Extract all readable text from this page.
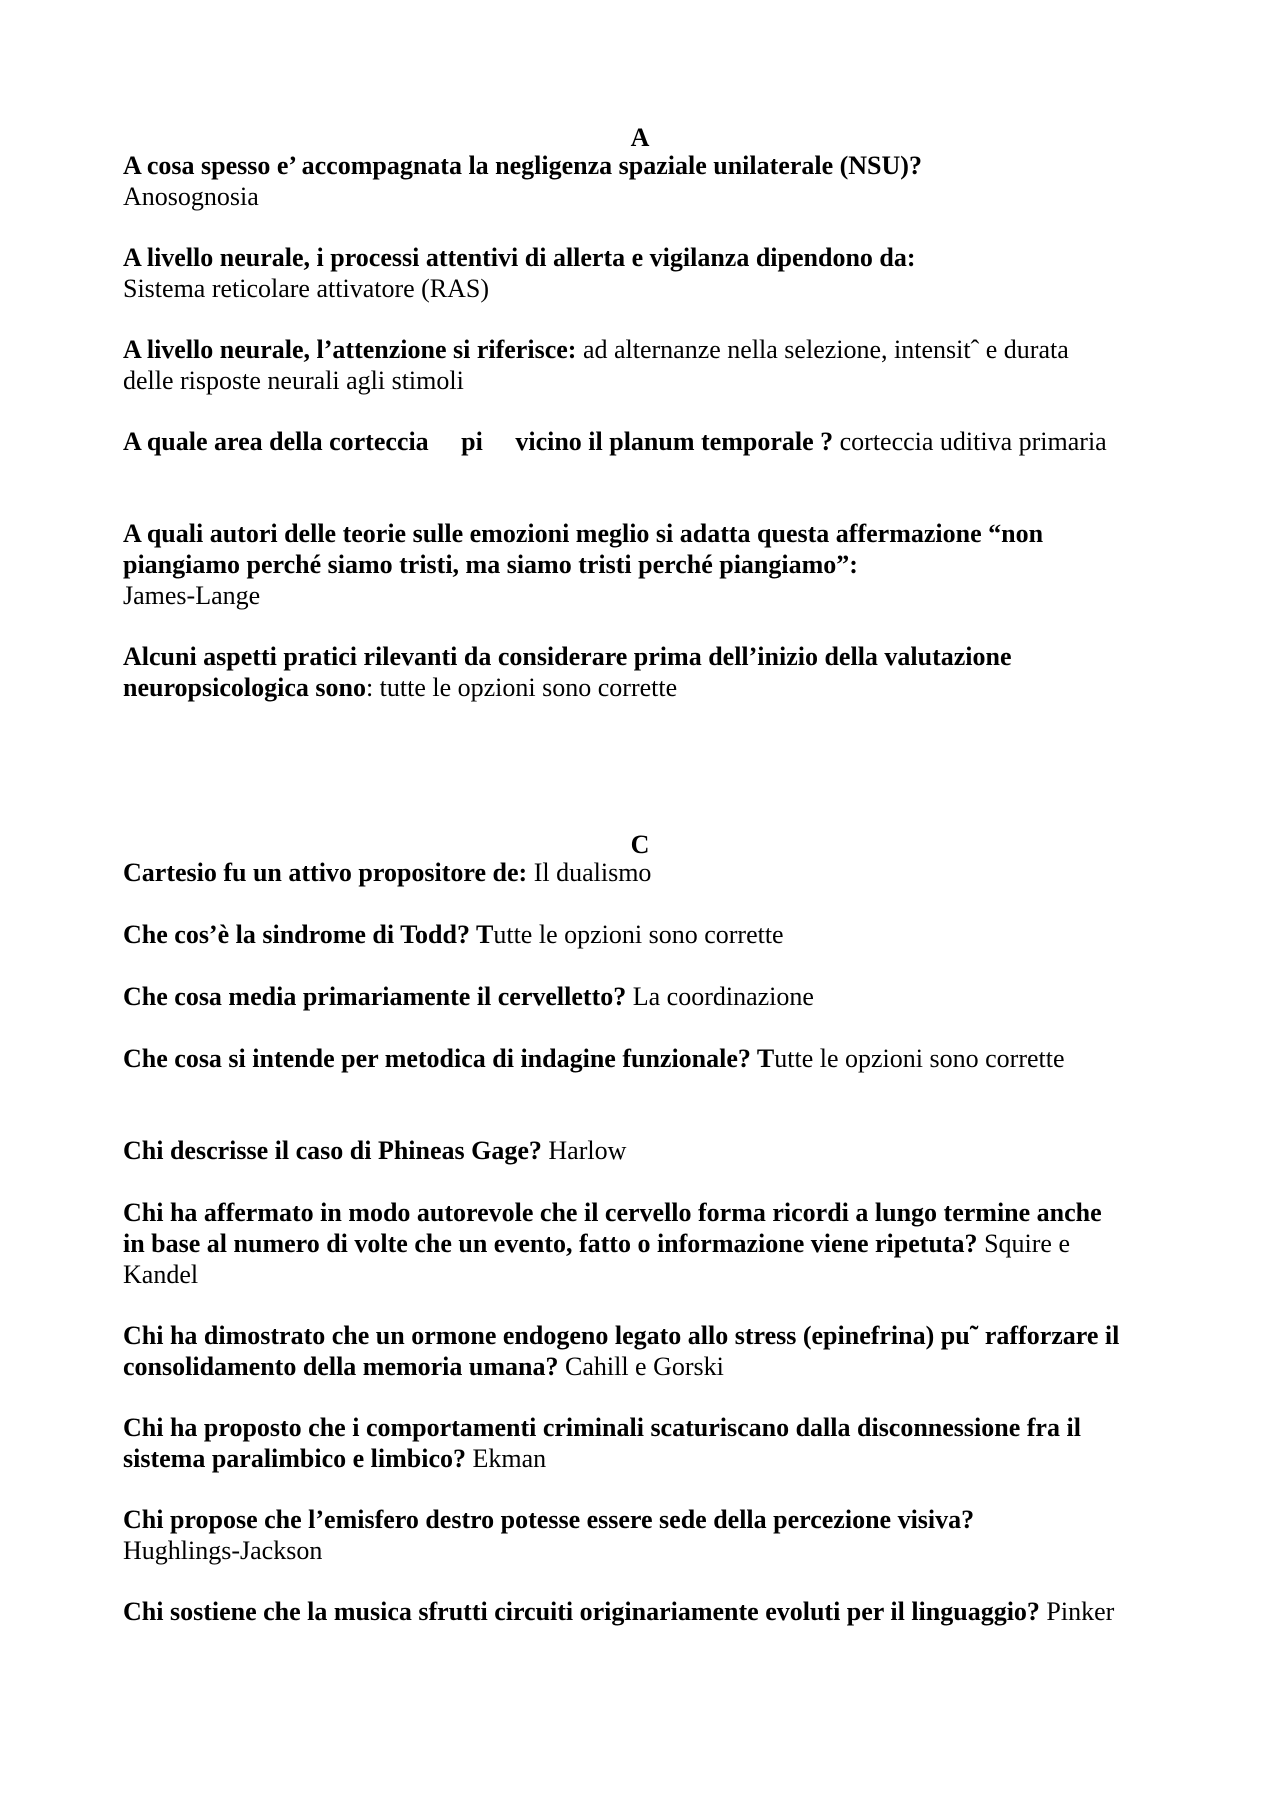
A
A cosa spesso e’ accompagnata la negligenza spaziale unilaterale (NSU)?
Anosognosia
A livello neurale, i processi attentivi di allerta e vigilanza dipendono da:
Sistema reticolare attivatore (RAS)
A livello neurale, l’attenzione si riferisce: ad alternanze nella selezione, intensitˆ e durata delle risposte neurali agli stimoli
A quale area della corteccia     pi     vicino il planum temporale ? corteccia uditiva primaria
A quali autori delle teorie sulle emozioni meglio si adatta questa affermazione “non piangiamo perché siamo tristi, ma siamo tristi perché piangiamo”:
James-Lange
Alcuni aspetti pratici rilevanti da considerare prima dell’inizio della valutazione neuropsicologica sono: tutte le opzioni sono corrette
C
Cartesio fu un attivo propositore de: Il dualismo
Che cos’è la sindrome di Todd? Tutte le opzioni sono corrette
Che cosa media primariamente il cervelletto? La coordinazione
Che cosa si intende per metodica di indagine funzionale? Tutte le opzioni sono corrette
Chi descrisse il caso di Phineas Gage? Harlow
Chi ha affermato in modo autorevole che il cervello forma ricordi a lungo termine anche in base al numero di volte che un evento, fatto o informazione viene ripetuta? Squire e Kandel
Chi ha dimostrato che un ormone endogeno legato allo stress (epinefrina) pu˜ rafforzare il consolidamento della memoria umana? Cahill e Gorski
Chi ha proposto che i comportamenti criminali scaturiscano dalla disconnessione fra il sistema paralimbico e limbico? Ekman
Chi propose che l’emisfero destro potesse essere sede della percezione visiva?
Hughlings-Jackson
Chi sostiene che la musica sfrutti circuiti originariamente evoluti per il linguaggio? Pinker
